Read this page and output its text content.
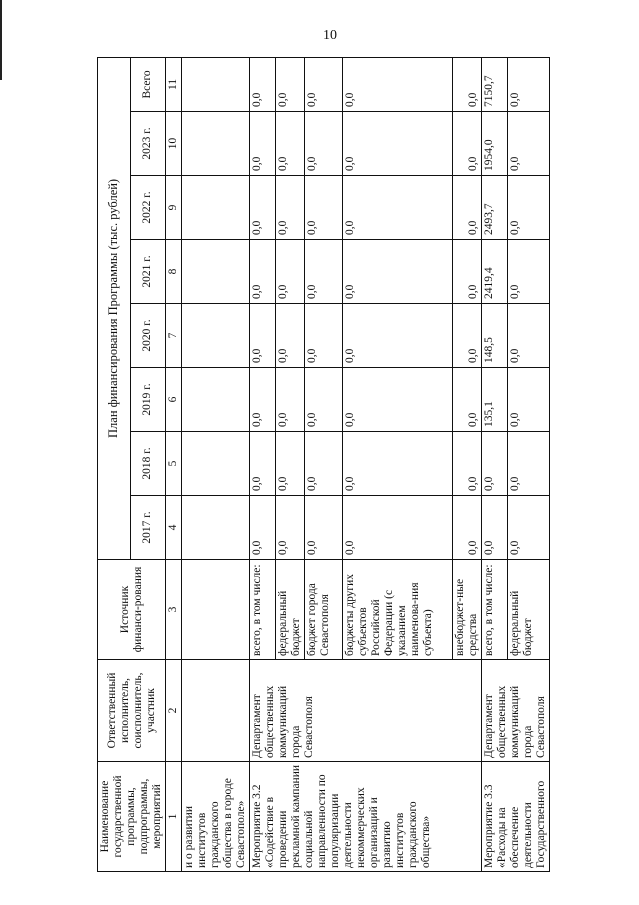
10
Наименование государственной программы, подпрограммы, мероприятий	Ответственный исполнитель, соисполнитель, участник	Источник финанси-рования	План финансирования Программы (тыс. рублей)							
			2017 г.	2018 г.	2019 г.	2020 г.	2021 г.	2022 г.	2023 г.	Всего
1	2	3	4	5	6	7	8	9	10	11
и о развитии институтов гражданского общества в городе Севастополе»										
Мероприятие 3.2 «Содействие в проведении рекламной кампании социальной направленности по популяризации деятельности некоммерческих организаций и развитию институтов гражданского общества»	Департамент общественных коммуникаций города Севастополя	всего, в том числе:	0,0	0,0	0,0	0,0	0,0	0,0	0,0	0,0
		федеральный бюджет	0,0	0,0	0,0	0,0	0,0	0,0	0,0	0,0
		бюджет города Севастополя	0,0	0,0	0,0	0,0	0,0	0,0	0,0	0,0
		бюджеты других субъектов Российской Федерации (с указанием наименова-ния субъекта)	0,0	0,0	0,0	0,0	0,0	0,0	0,0	0,0
		внебюджет-ные средства	0,0	0,0	0,0	0,0	0,0	0,0	0,0	0,0
Мероприятие 3.3 «Расходы на обеспечение деятельности Государственного	Департамент общественных коммуникаций города Севастополя	всего, в том числе:	0,0	0,0	135,1	148,5	2419,4	2493,7	1954,0	7150,7
		федеральный бюджет	0,0	0,0	0,0	0,0	0,0	0,0	0,0	0,0
